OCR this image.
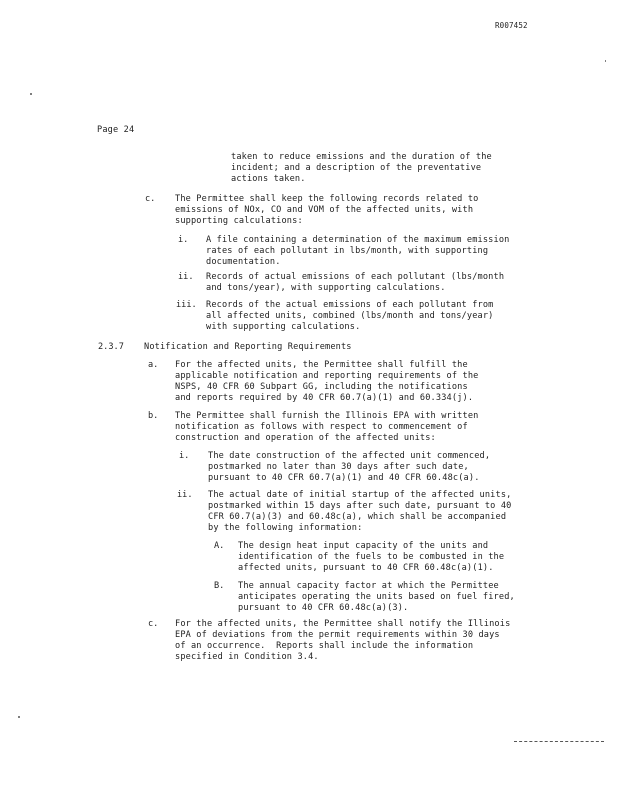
R007452
Page 24
taken to reduce emissions and the duration of the
incident; and a description of the preventative
actions taken.
c. The Permittee shall keep the following records related to
emissions of NOx, CO and VOM of the affected units, with
supporting calculations:
i. A file containing a determination of the maximum emission
rates of each pollutant in lbs/month, with supporting
documentation.
ii. Records of actual emissions of each pollutant (lbs/month
and tons/year), with supporting calculations.
iii. Records of the actual emissions of each pollutant from
all affected units, combined (lbs/month and tons/year)
with supporting calculations.
2.3.7 Notification and Reporting Requirements
a. For the affected units, the Permittee shall fulfill the
applicable notification and reporting requirements of the
NSPS, 40 CFR 60 Subpart GG, including the notifications
and reports required by 40 CFR 60.7(a)(1) and 60.334(j).
b. The Permittee shall furnish the Illinois EPA with written
notification as follows with respect to commencement of
construction and operation of the affected units:
i. The date construction of the affected unit commenced,
postmarked no later than 30 days after such date,
pursuant to 40 CFR 60.7(a)(1) and 40 CFR 60.48c(a).
ii. The actual date of initial startup of the affected units,
postmarked within 15 days after such date, pursuant to 40
CFR 60.7(a)(3) and 60.48c(a), which shall be accompanied
by the following information:
A. The design heat input capacity of the units and
identification of the fuels to be combusted in the
affected units, pursuant to 40 CFR 60.48c(a)(1).
B. The annual capacity factor at which the Permittee
anticipates operating the units based on fuel fired,
pursuant to 40 CFR 60.48c(a)(3).
c. For the affected units, the Permittee shall notify the Illinois
EPA of deviations from the permit requirements within 30 days
of an occurrence.  Reports shall include the information
specified in Condition 3.4.
